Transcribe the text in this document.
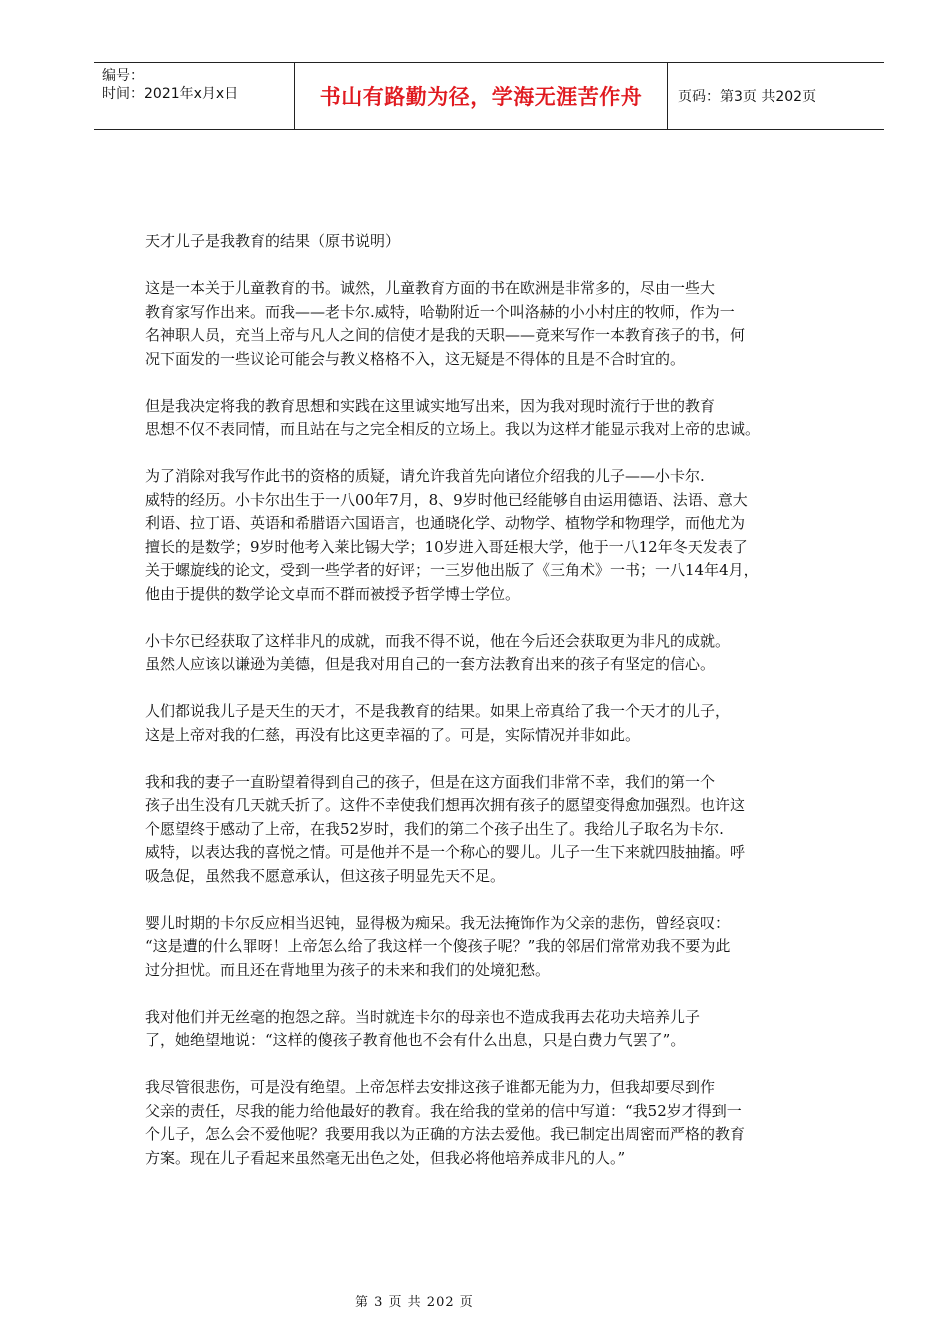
编号：
时间：2021年x月x日	书山有路勤为径，学海无涯苦作舟	页码：第3页 共202页
天才儿子是我教育的结果（原书说明）
这是一本关于儿童教育的书。诚然，儿童教育方面的书在欧洲是非常多的，尽由一些大
教育家写作出来。而我——老卡尔.威特，哈勒附近一个叫洛赫的小小村庄的牧师，作为一
名神职人员，充当上帝与凡人之间的信使才是我的天职——竟来写作一本教育孩子的书，何
况下面发的一些议论可能会与教义格格不入，这无疑是不得体的且是不合时宜的。
但是我决定将我的教育思想和实践在这里诚实地写出来，因为我对现时流行于世的教育
思想不仅不表同情，而且站在与之完全相反的立场上。我以为这样才能显示我对上帝的忠诚。
为了消除对我写作此书的资格的质疑，请允许我首先向诸位介绍我的儿子——小卡尔.
威特的经历。小卡尔出生于一八00年7月，8、9岁时他已经能够自由运用德语、法语、意大
利语、拉丁语、英语和希腊语六国语言，也通晓化学、动物学、植物学和物理学，而他尤为
擅长的是数学；9岁时他考入莱比锡大学；10岁进入哥廷根大学，他于一八12年冬天发表了
关于螺旋线的论文，受到一些学者的好评；一三岁他出版了《三角术》一书；一八14年4月，
他由于提供的数学论文卓而不群而被授予哲学博士学位。
小卡尔已经获取了这样非凡的成就，而我不得不说，他在今后还会获取更为非凡的成就。
虽然人应该以谦逊为美德，但是我对用自己的一套方法教育出来的孩子有坚定的信心。
人们都说我儿子是天生的天才，不是我教育的结果。如果上帝真给了我一个天才的儿子，
这是上帝对我的仁慈，再没有比这更幸福的了。可是，实际情况并非如此。
我和我的妻子一直盼望着得到自己的孩子，但是在这方面我们非常不幸，我们的第一个
孩子出生没有几天就夭折了。这件不幸使我们想再次拥有孩子的愿望变得愈加强烈。也许这
个愿望终于感动了上帝，在我52岁时，我们的第二个孩子出生了。我给儿子取名为卡尔.
威特，以表达我的喜悦之情。可是他并不是一个称心的婴儿。儿子一生下来就四肢抽搐。呼
吸急促，虽然我不愿意承认，但这孩子明显先天不足。
婴儿时期的卡尔反应相当迟钝，显得极为痴呆。我无法掩饰作为父亲的悲伤，曾经哀叹：
“这是遭的什么罪呀！上帝怎么给了我这样一个傻孩子呢？”我的邻居们常常劝我不要为此
过分担忧。而且还在背地里为孩子的未来和我们的处境犯愁。
我对他们并无丝毫的抱怨之辞。当时就连卡尔的母亲也不造成我再去花功夫培养儿子
了，她绝望地说：“这样的傻孩子教育他也不会有什么出息，只是白费力气罢了”。
我尽管很悲伤，可是没有绝望。上帝怎样去安排这孩子谁都无能为力，但我却要尽到作
父亲的责任，尽我的能力给他最好的教育。我在给我的堂弟的信中写道：“我52岁才得到一
个儿子，怎么会不爱他呢？我要用我以为正确的方法去爱他。我已制定出周密而严格的教育
方案。现在儿子看起来虽然毫无出色之处，但我必将他培养成非凡的人。”
第 3 页 共 202 页
